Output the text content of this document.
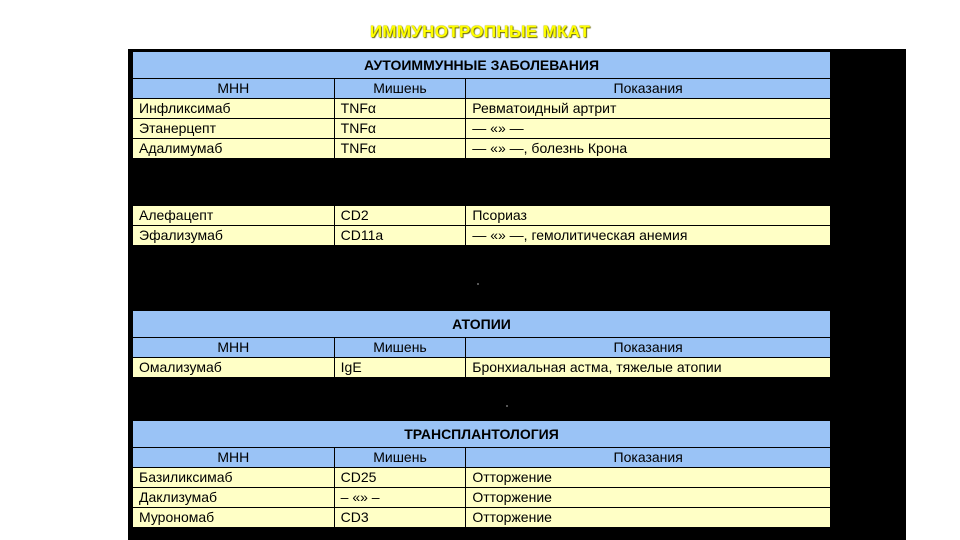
ИММУНОТРОПНЫЕ МКАТ
АУТОИММУННЫЕ ЗАБОЛЕВАНИЯ		
МНН	Мишень	Показания
Инфликсимаб	TNFα	Ревматоидный артрит
Этанерцепт	TNFα	— «» —
Адалимумаб	TNFα	— «» —, болезнь Крона
Алефацепт	CD2	Псориаз
Эфализумаб	CD11a	— «» —, гемолитическая анемия
АТОПИИ		
МНН	Мишень	Показания
Омализумаб	IgE	Бронхиальная астма, тяжелые атопии
ТРАНСПЛАНТОЛОГИЯ		
МНН	Мишень	Показания
Базиликсимаб	CD25	Отторжение
Даклизумаб	– «» –	Отторжение
Мурономаб	CD3	Отторжение
